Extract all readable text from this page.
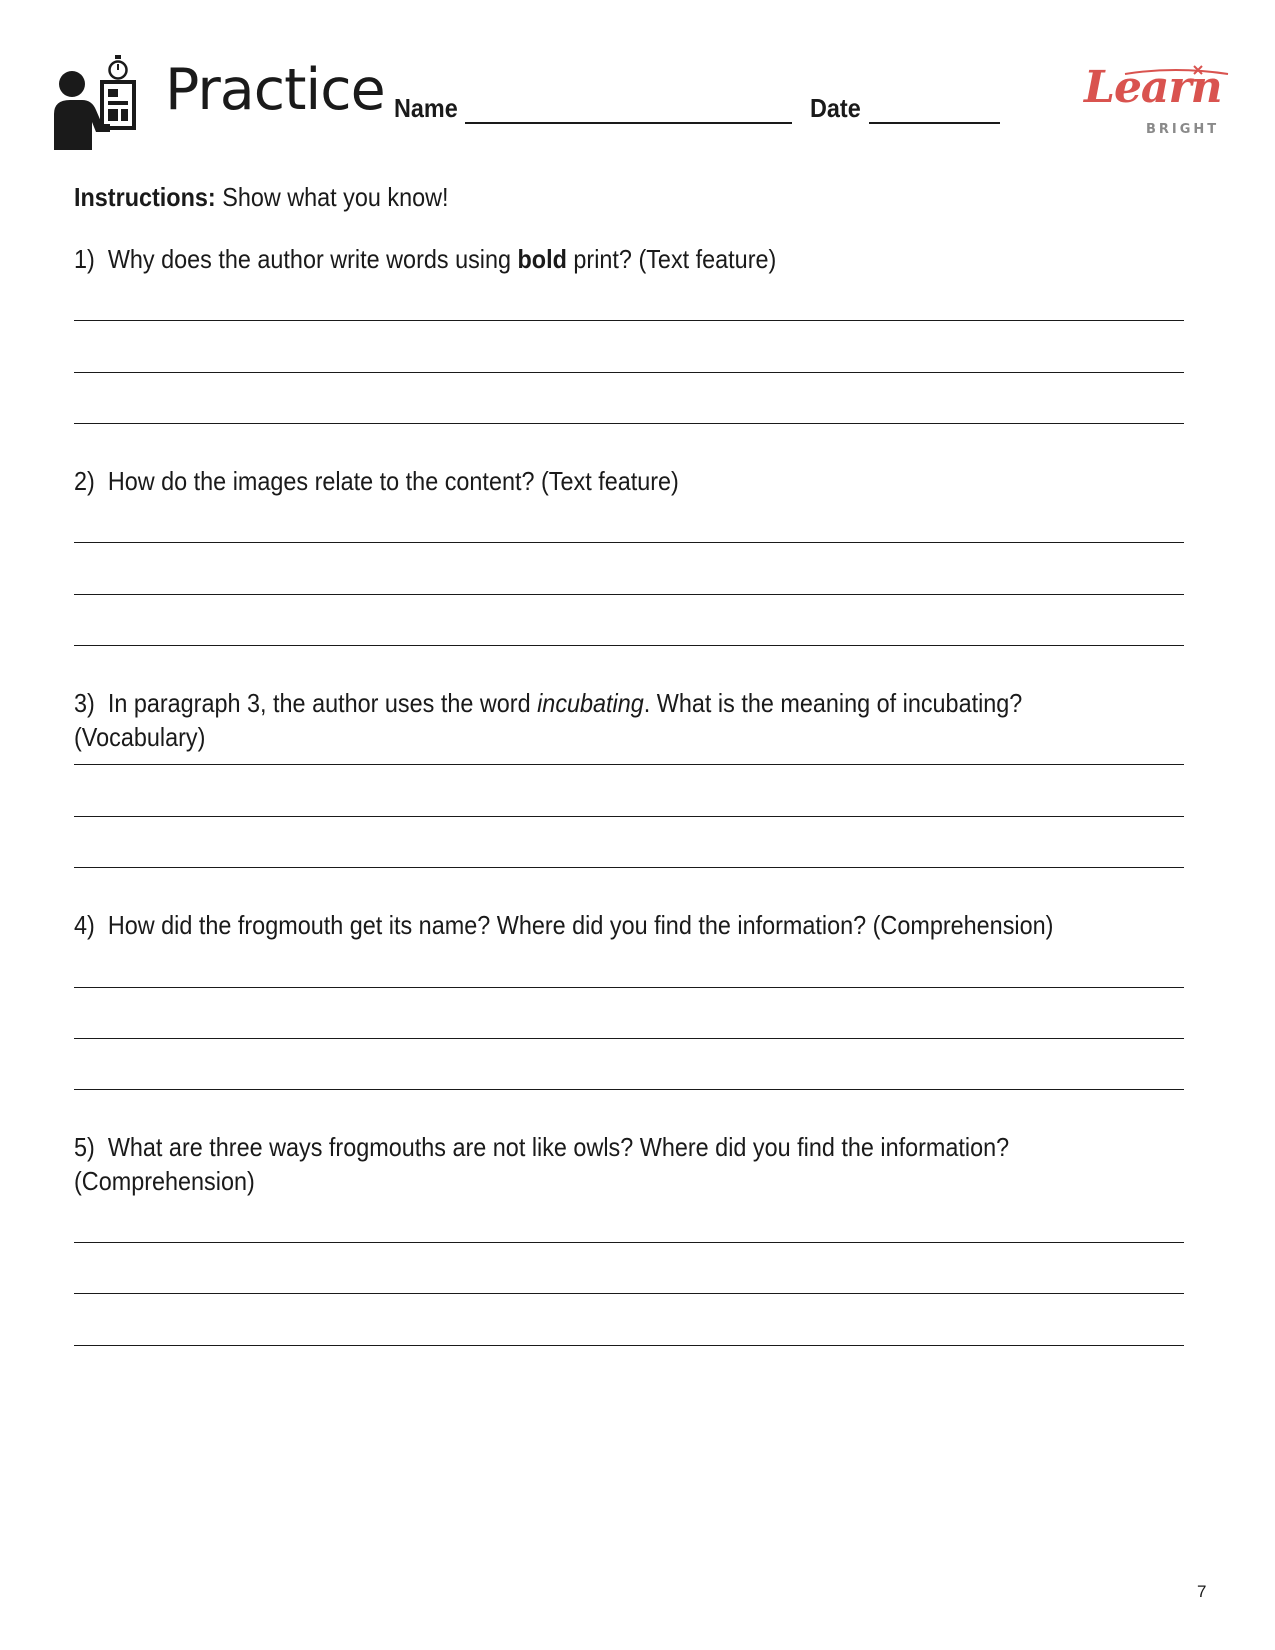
Practice Name	Date	Learn
BRIGHT
Instructions: Show what you know!
1) Why does the author write words using bold print? (Text feature)
2) How do the images relate to the content? (Text feature)
3) In paragraph 3, the author uses the word incubating. What is the meaning of incubating? (Vocabulary)
4) How did the frogmouth get its name? Where did you find the information? (Comprehension)
5) What are three ways frogmouths are not like owls? Where did you find the information?
(Comprehension)
7
